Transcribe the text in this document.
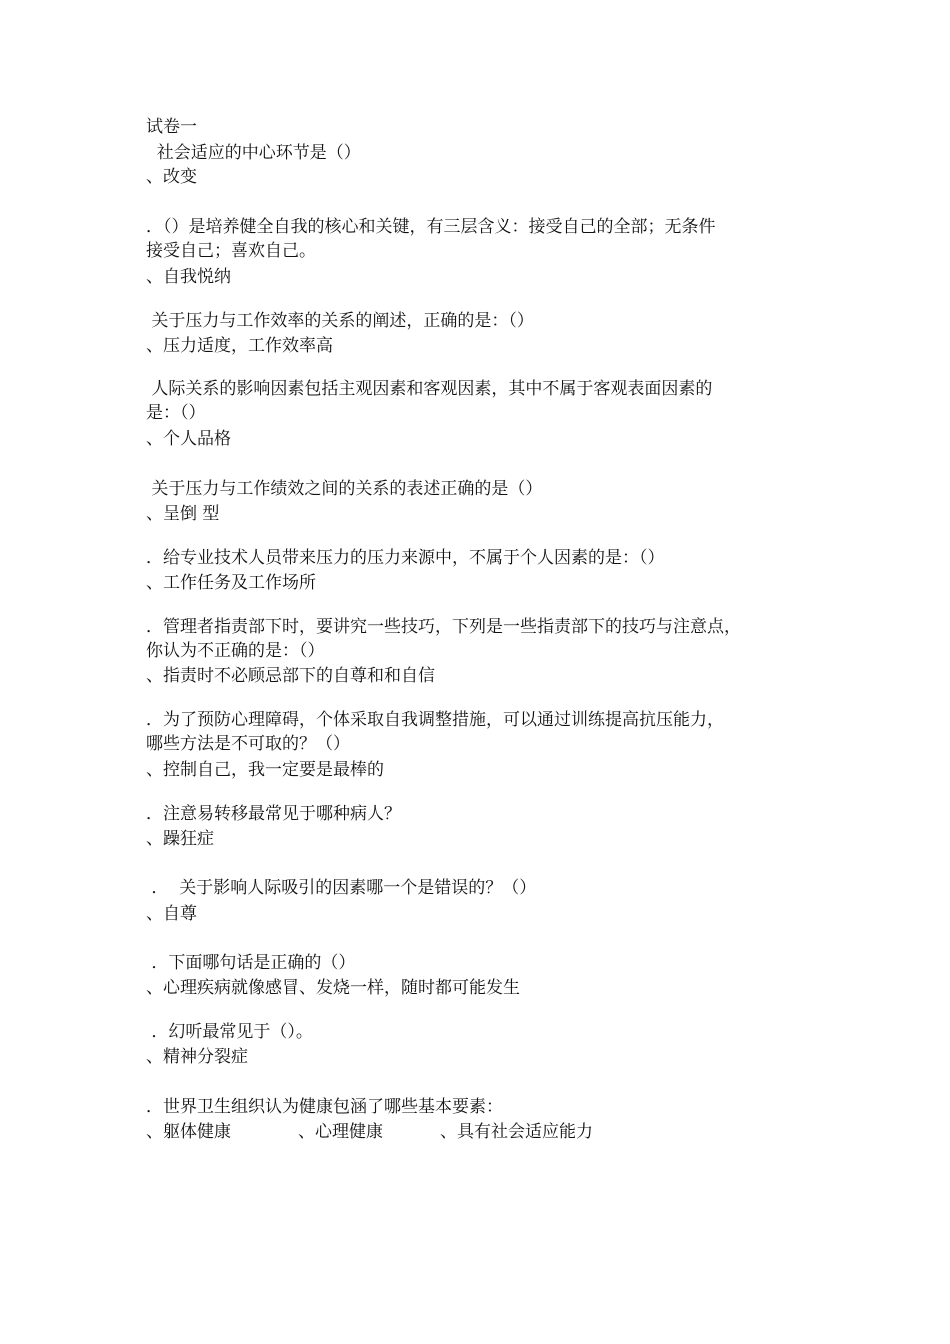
试卷一
社会适应的中心环节是（）
、改变
．（）是培养健全自我的核心和关键，有三层含义：接受自己的全部；无条件
接受自己；喜欢自己。
、自我悦纳
关于压力与工作效率的关系的阐述，正确的是：（）
、压力适度，工作效率高
人际关系的影响因素包括主观因素和客观因素，其中不属于客观表面因素的
是：（）
、个人品格
关于压力与工作绩效之间的关系的表述正确的是（）
、呈倒 型
．给专业技术人员带来压力的压力来源中，不属于个人因素的是：（）
、工作任务及工作场所
．管理者指责部下时，要讲究一些技巧，下列是一些指责部下的技巧与注意点，
你认为不正确的是：（）
、指责时不必顾忌部下的自尊和和自信
．为了预防心理障碍，个体采取自我调整措施，可以通过训练提高抗压能力，
哪些方法是不可取的？（）
、控制自己，我一定要是最棒的
．注意易转移最常见于哪种病人？
、躁狂症
．  关于影响人际吸引的因素哪一个是错误的？（）
、自尊
．下面哪句话是正确的（）
、心理疾病就像感冒、发烧一样，随时都可能发生
．幻听最常见于（）。
、精神分裂症
．世界卫生组织认为健康包涵了哪些基本要素：
、躯体健康	、心理健康	、具有社会适应能力
